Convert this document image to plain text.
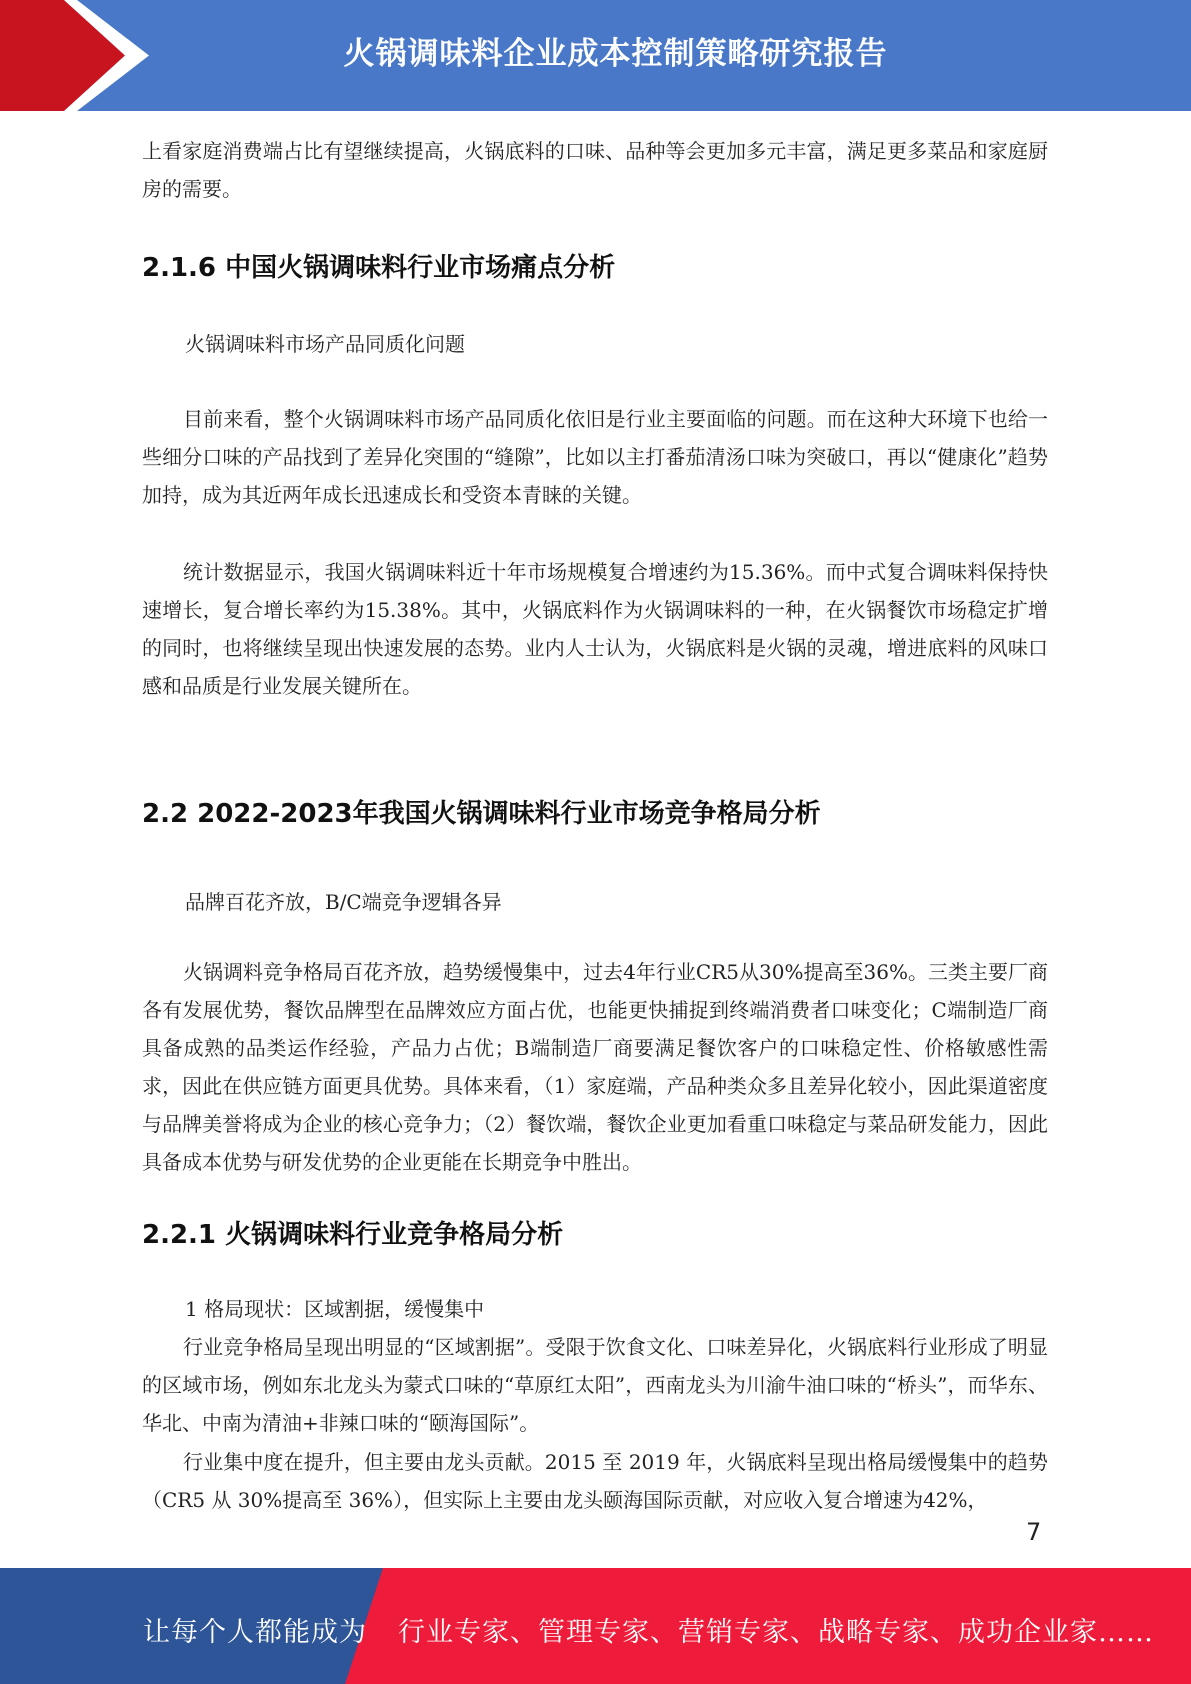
火锅调味料企业成本控制策略研究报告

上看家庭消费端占比有望继续提高，火锅底料的口味、品种等会更加多元丰富，满足更多菜品和家庭厨房的需要。

2.1.6 中国火锅调味料行业市场痛点分析

火锅调味料市场产品同质化问题

目前来看，整个火锅调味料市场产品同质化依旧是行业主要面临的问题。而在这种大环境下也给一些细分口味的产品找到了差异化突围的“缝隙”，比如以主打番茄清汤口味为突破口，再以“健康化”趋势加持，成为其近两年成长迅速成长和受资本青睐的关键。

统计数据显示，我国火锅调味料近十年市场规模复合增速约为15.36%。而中式复合调味料保持快速增长，复合增长率约为15.38%。其中，火锅底料作为火锅调味料的一种，在火锅餐饮市场稳定扩增的同时，也将继续呈现出快速发展的态势。业内人士认为，火锅底料是火锅的灵魂，增进底料的风味口感和品质是行业发展关键所在。

2.2 2022-2023年我国火锅调味料行业市场竞争格局分析

品牌百花齐放，B/C端竞争逻辑各异

火锅调料竞争格局百花齐放，趋势缓慢集中，过去4年行业CR5从30%提高至36%。三类主要厂商各有发展优势，餐饮品牌型在品牌效应方面占优，也能更快捕捉到终端消费者口味变化；C端制造厂商具备成熟的品类运作经验，产品力占优；B端制造厂商要满足餐饮客户的口味稳定性、价格敏感性需求，因此在供应链方面更具优势。具体来看，（1）家庭端，产品种类众多且差异化较小，因此渠道密度与品牌美誉将成为企业的核心竞争力；（2）餐饮端，餐饮企业更加看重口味稳定与菜品研发能力，因此具备成本优势与研发优势的企业更能在长期竞争中胜出。

2.2.1 火锅调味料行业竞争格局分析

1 格局现状：区域割据，缓慢集中

行业竞争格局呈现出明显的“区域割据”。受限于饮食文化、口味差异化，火锅底料行业形成了明显的区域市场，例如东北龙头为蒙式口味的“草原红太阳”，西南龙头为川渝牛油口味的“桥头”，而华东、华北、中南为清油+非辣口味的“颐海国际”。

行业集中度在提升，但主要由龙头贡献。2015 至 2019 年，火锅底料呈现出格局缓慢集中的趋势（CR5 从 30%提高至 36%），但实际上主要由龙头颐海国际贡献，对应收入复合增速为42%，

7
让每个人都能成为 行业专家、管理专家、营销专家、战略专家、成功企业家……
